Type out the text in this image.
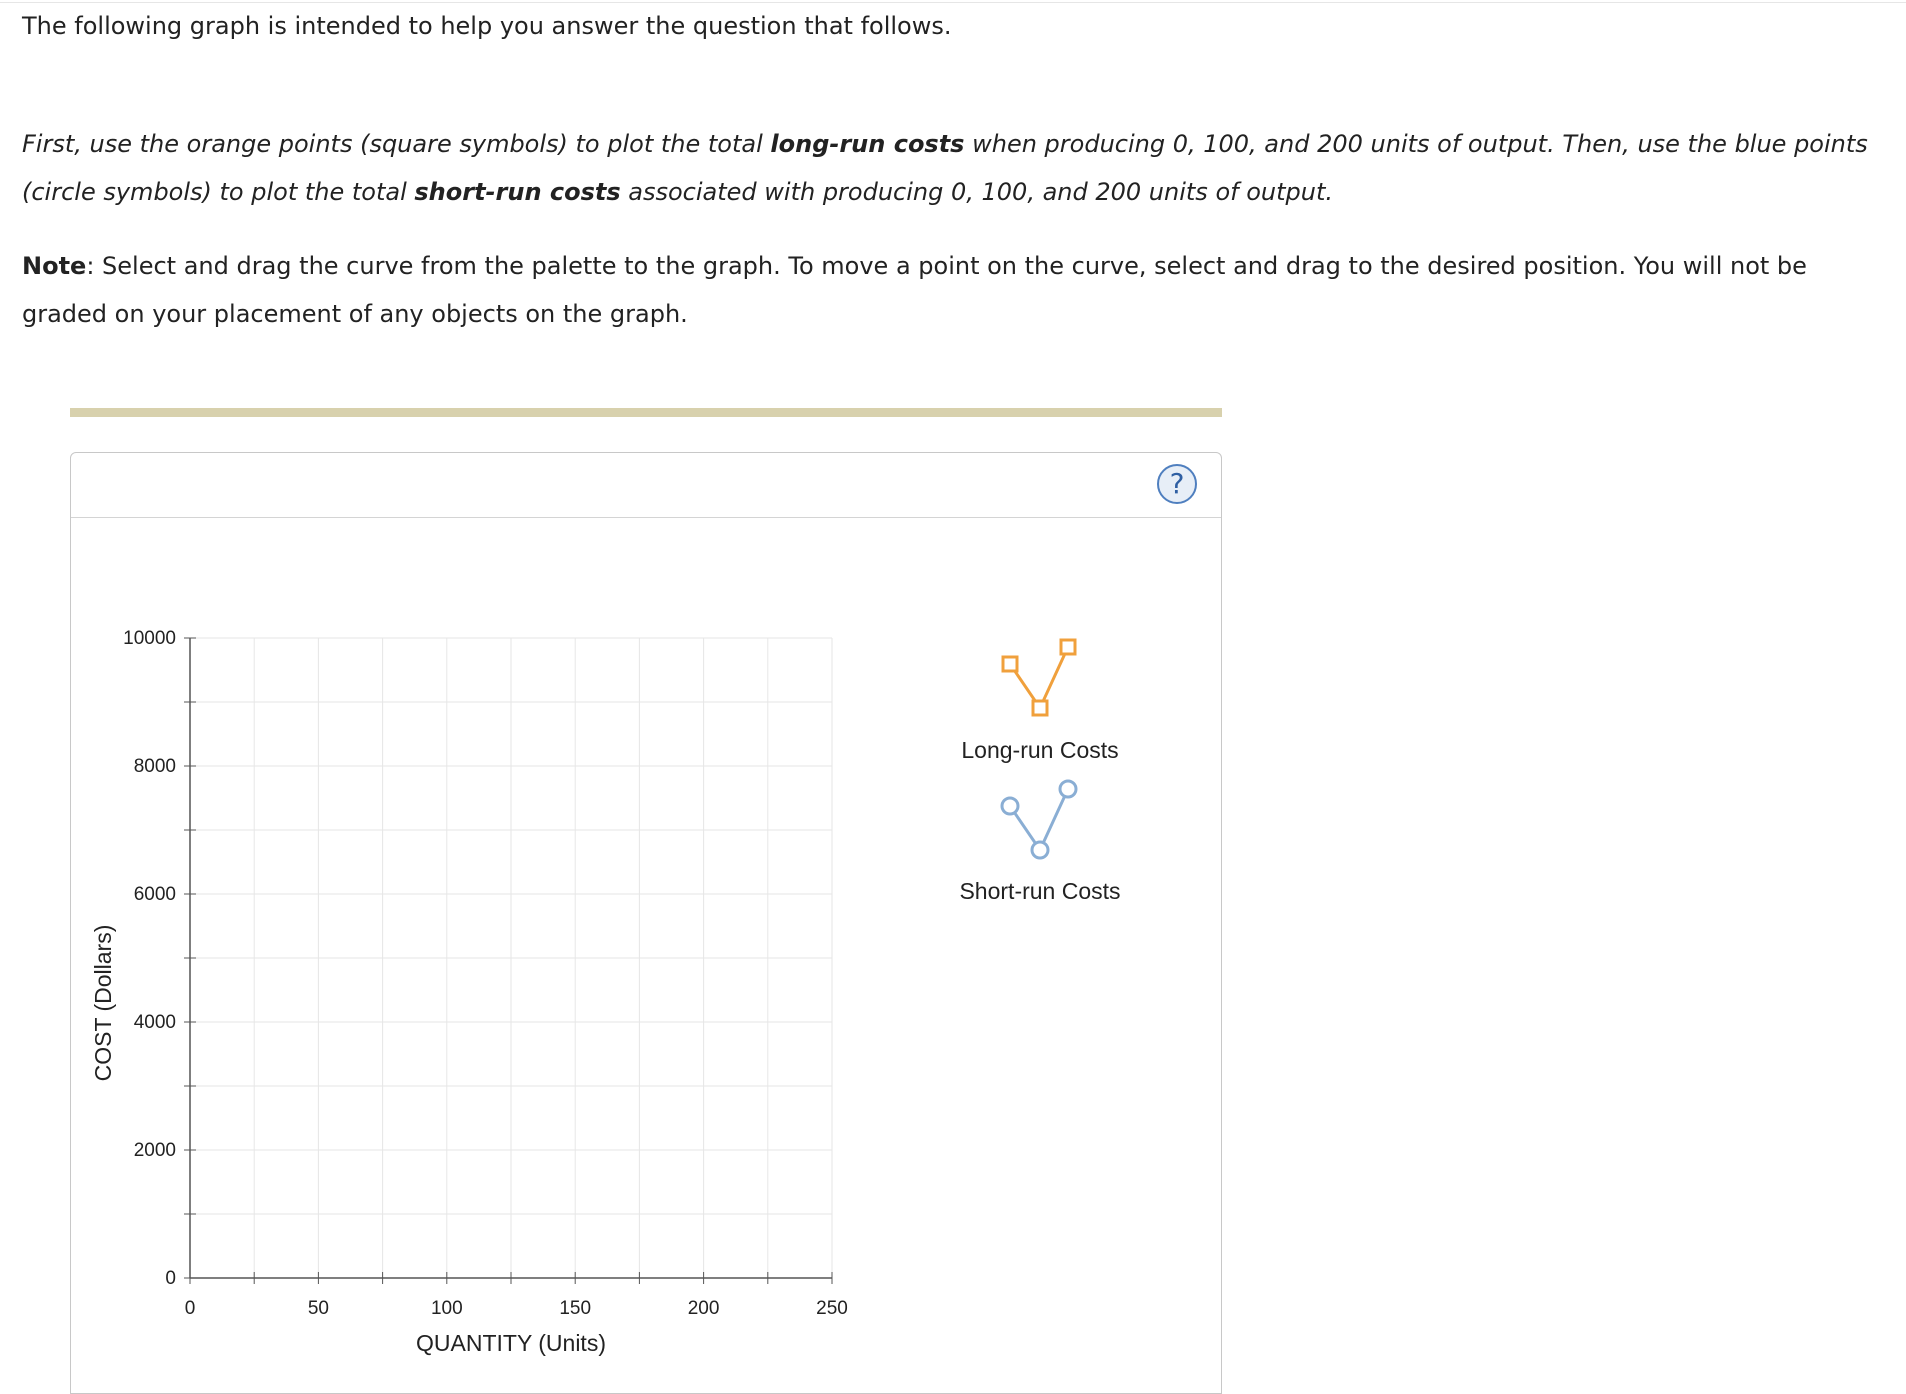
The following graph is intended to help you answer the question that follows.

First, use the orange points (square symbols) to plot the total long-run costs when producing 0, 100, and 200 units of output. Then, use the blue points (circle symbols) to plot the total short-run costs associated with producing 0, 100, and 200 units of output.

Note: Select and drag the curve from the palette to the graph. To move a point on the curve, select and drag to the desired position. You will not be graded on your placement of any objects on the graph.

?
0
2000
4000
6000
8000
10000
0	50	100	150	200	250
QUANTITY (Units)
COST (Dollars)
Long-run Costs
Short-run Costs
